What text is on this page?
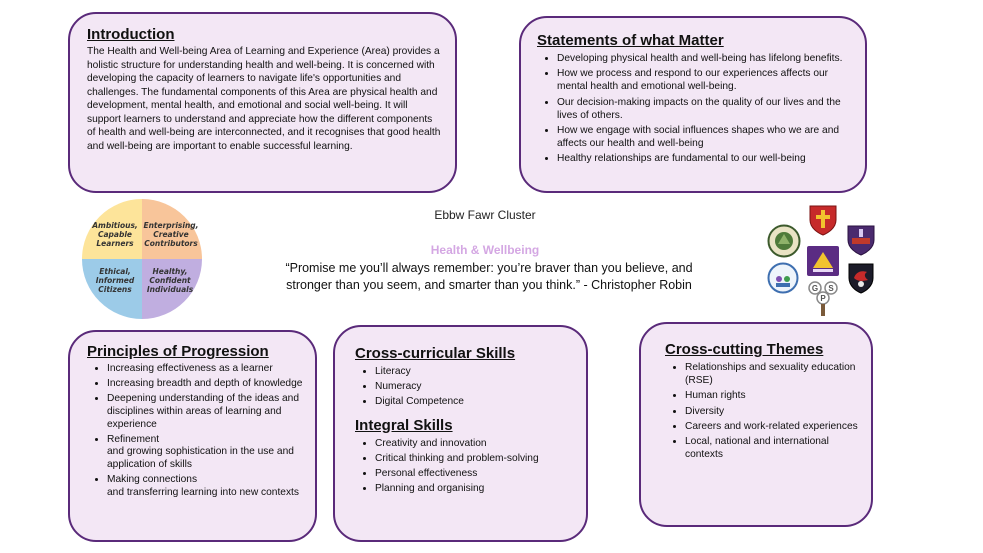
Introduction

The Health and Well-being Area of Learning and Experience (Area) provides a holistic structure for understanding health and well-being. It is concerned with developing the capacity of learners to navigate life's opportunities and challenges. The fundamental components of this Area are physical health and development, mental health, and emotional and social well-being. It will support learners to understand and appreciate how the different components of health and well-being are interconnected, and it recognises that good health and well-being are important to enable successful learning.

Statements of what Matter
• Developing physical health and well-being has lifelong benefits.
• How we process and respond to our experiences affects our mental health and emotional well-being.
• Our decision-making impacts on the quality of our lives and the lives of others.
• How we engage with social influences shapes who we are and affects our health and well-being
• Healthy relationships are fundamental to our well-being
Ambitious,
Capable
Learners
Enterprising,
Creative
Contributors
Ethical,
Informed
Citizens
Healthy,
Confident
Individuals
Ebbw Fawr Cluster
Health & Wellbeing
“Promise me you’ll always remember: you’re braver than you believe, and stronger than you seem, and smarter than you think.” - Christopher Robin	G
P
S
Principles of Progression
• Increasing effectiveness as a learner
• Increasing breadth and depth of knowledge
• Deepening understanding of the ideas and disciplines within areas of learning and experience
• Refinement
and growing sophistication in the use and application of skills
• Making connections
and transferring learning into new contexts
Cross-curricular Skills
• Literacy
• Numeracy
• Digital Competence
Integral Skills
• Creativity and innovation
• Critical thinking and problem-solving
• Personal effectiveness
• Planning and organising
Cross-cutting Themes
• Relationships and sexuality education (RSE)
• Human rights
• Diversity
• Careers and work-related experiences
• Local, national and international contexts
